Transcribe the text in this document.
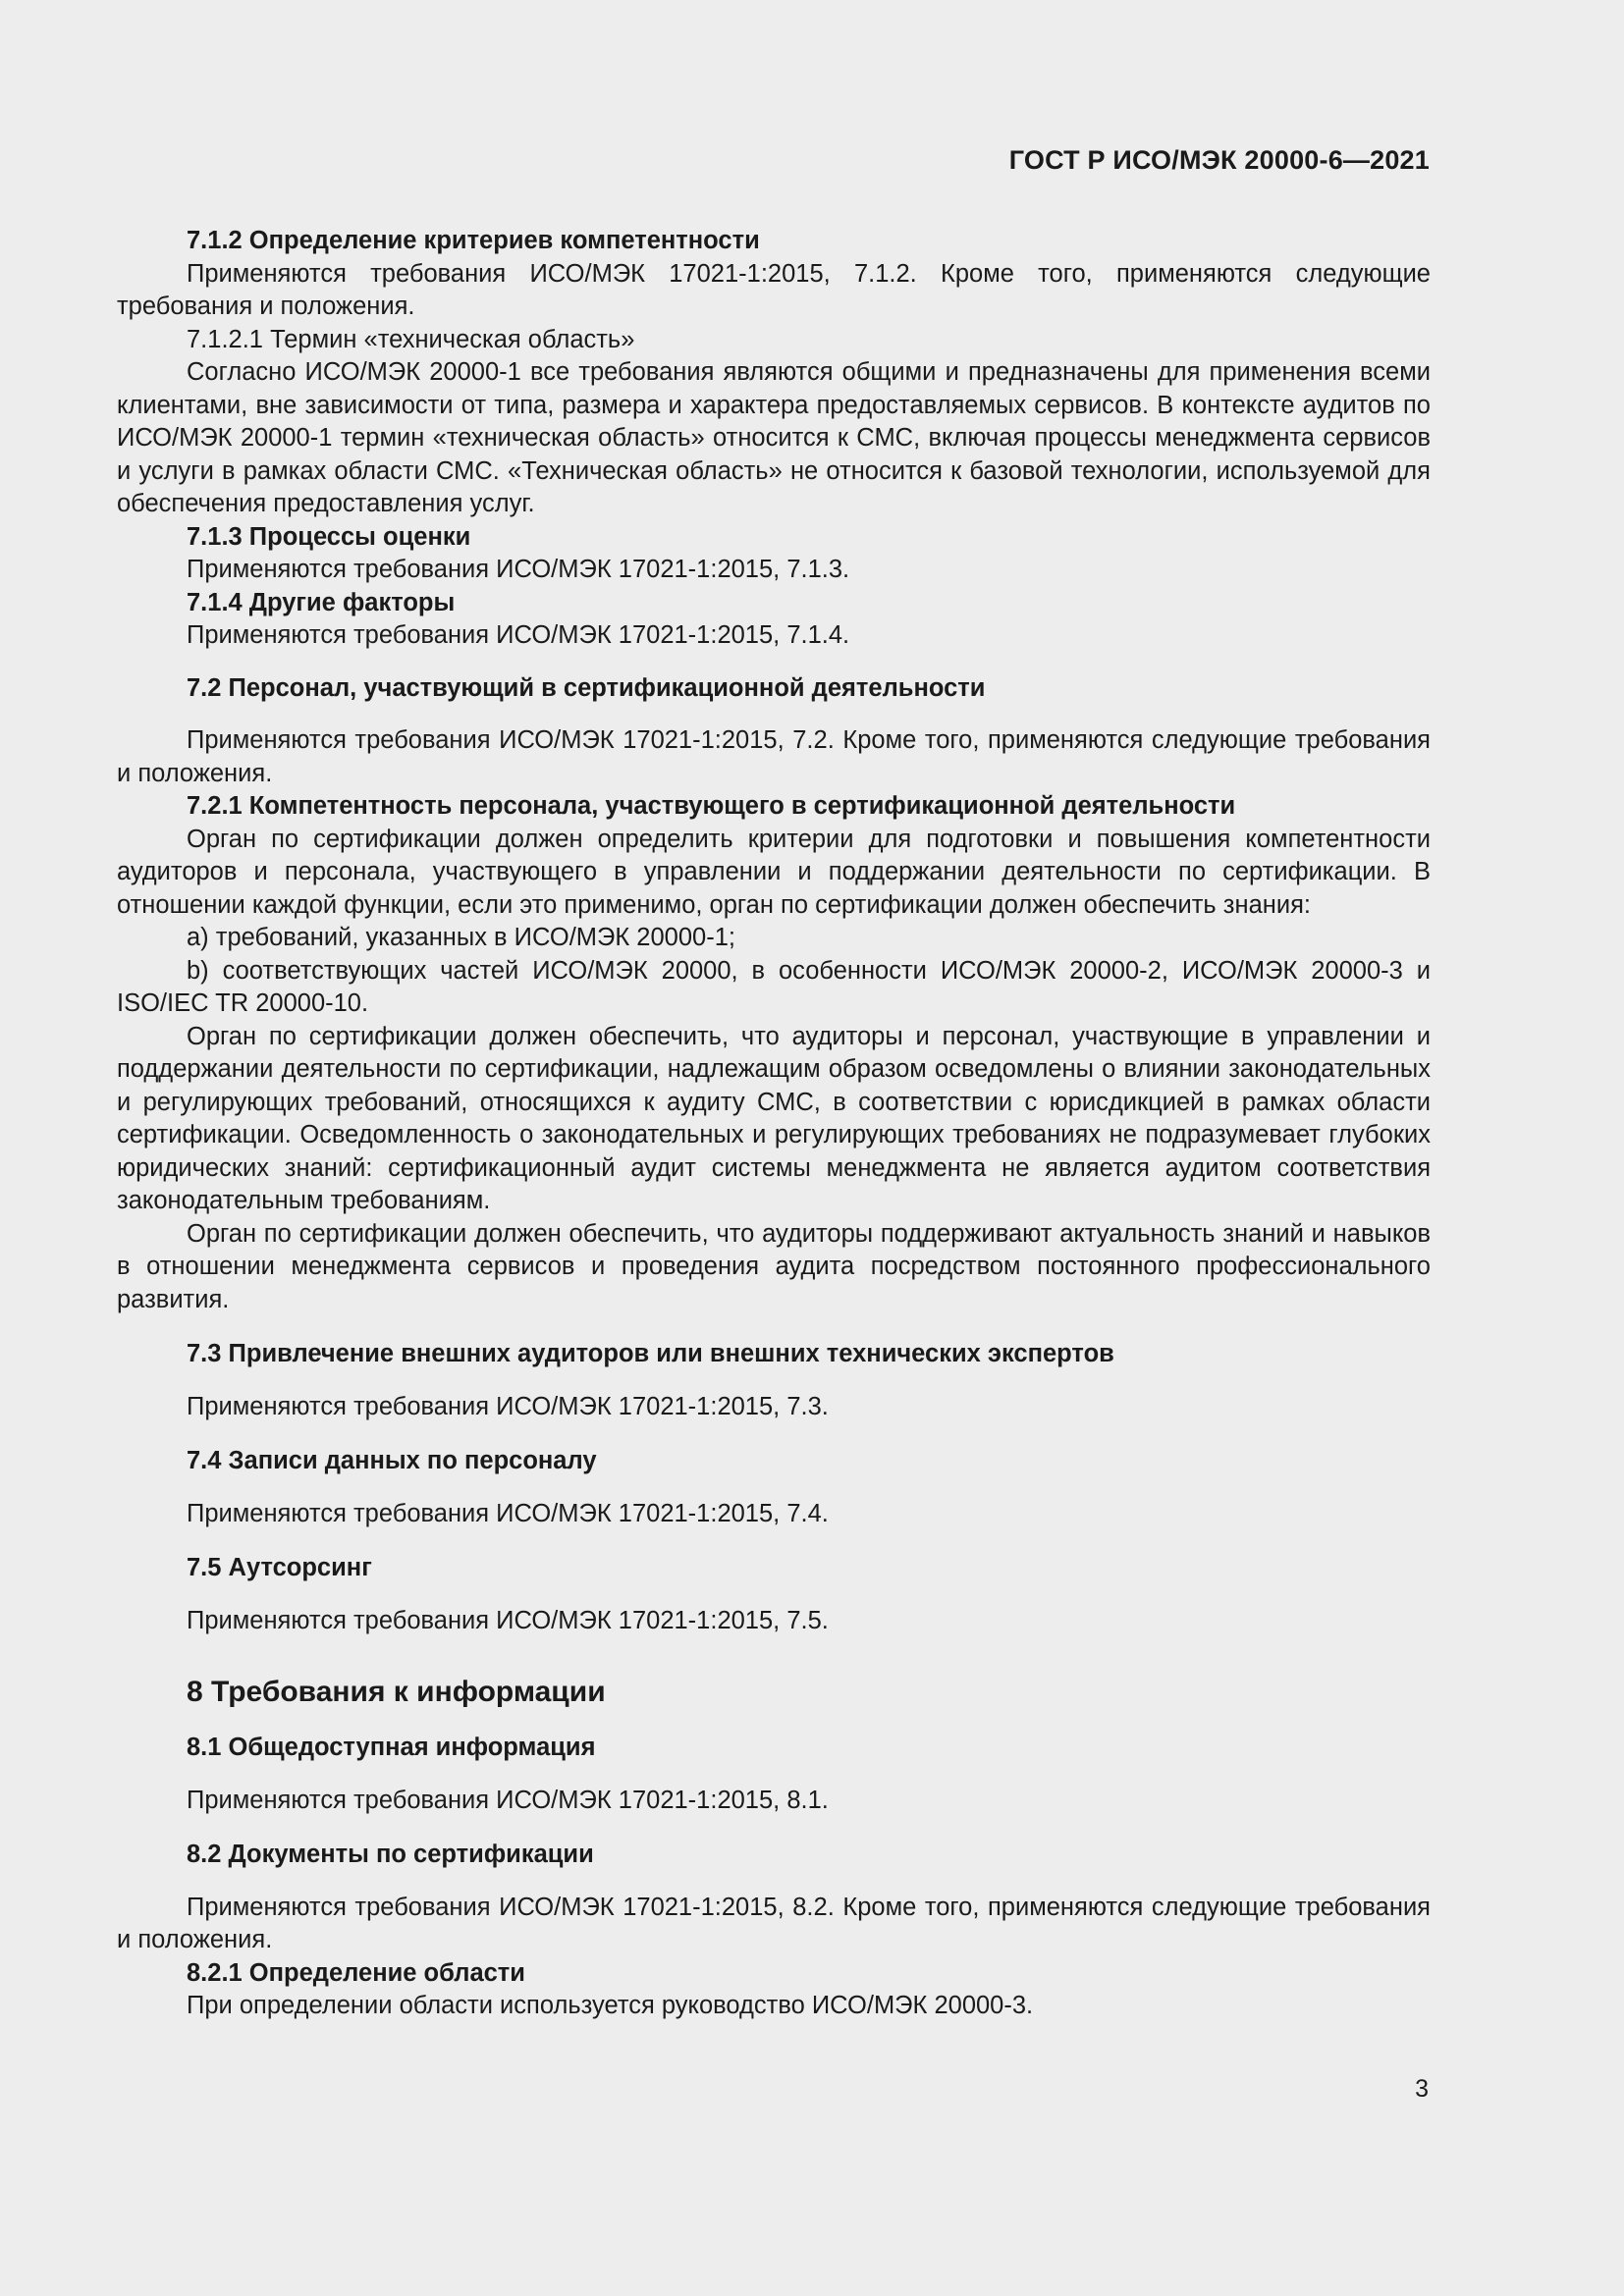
ГОСТ Р ИСО/МЭК 20000-6—2021
7.1.2 Определение критериев компетентности

Применяются требования ИСО/МЭК 17021-1:2015, 7.1.2. Кроме того, применяются следующие требования и положения.

7.1.2.1 Термин «техническая область»

Согласно ИСО/МЭК 20000-1 все требования являются общими и предназначены для применения всеми клиентами, вне зависимости от типа, размера и характера предоставляемых сервисов. В контексте аудитов по ИСО/МЭК 20000-1 термин «техническая область» относится к СМС, включая процессы менеджмента сервисов и услуги в рамках области СМС. «Техническая область» не относится к базовой технологии, используемой для обеспечения предоставления услуг.

7.1.3 Процессы оценки

Применяются требования ИСО/МЭК 17021-1:2015, 7.1.3.

7.1.4 Другие факторы

Применяются требования ИСО/МЭК 17021-1:2015, 7.1.4.

7.2 Персонал, участвующий в сертификационной деятельности

Применяются требования ИСО/МЭК 17021-1:2015, 7.2. Кроме того, применяются следующие требования и положения.

7.2.1 Компетентность персонала, участвующего в сертификационной деятельности

Орган по сертификации должен определить критерии для подготовки и повышения компетентности аудиторов и персонала, участвующего в управлении и поддержании деятельности по сертификации. В отношении каждой функции, если это применимо, орган по сертификации должен обеспечить знания:

a) требований, указанных в ИСО/МЭК 20000-1;

b) соответствующих частей ИСО/МЭК 20000, в особенности ИСО/МЭК 20000-2, ИСО/МЭК 20000-3 и ISO/IEC TR 20000-10.

Орган по сертификации должен обеспечить, что аудиторы и персонал, участвующие в управлении и поддержании деятельности по сертификации, надлежащим образом осведомлены о влиянии законодательных и регулирующих требований, относящихся к аудиту СМС, в соответствии с юрисдикцией в рамках области сертификации. Осведомленность о законодательных и регулирующих требованиях не подразумевает глубоких юридических знаний: сертификационный аудит системы менеджмента не является аудитом соответствия законодательным требованиям.

Орган по сертификации должен обеспечить, что аудиторы поддерживают актуальность знаний и навыков в отношении менеджмента сервисов и проведения аудита посредством постоянного профессионального развития.

7.3 Привлечение внешних аудиторов или внешних технических экспертов

Применяются требования ИСО/МЭК 17021-1:2015, 7.3.

7.4 Записи данных по персоналу

Применяются требования ИСО/МЭК 17021-1:2015, 7.4.

7.5 Аутсорсинг

Применяются требования ИСО/МЭК 17021-1:2015, 7.5.

8 Требования к информации
8.1 Общедоступная информация

Применяются требования ИСО/МЭК 17021-1:2015, 8.1.

8.2 Документы по сертификации

Применяются требования ИСО/МЭК 17021-1:2015, 8.2. Кроме того, применяются следующие требования и положения.

8.2.1 Определение области

При определении области используется руководство ИСО/МЭК 20000-3.

3
